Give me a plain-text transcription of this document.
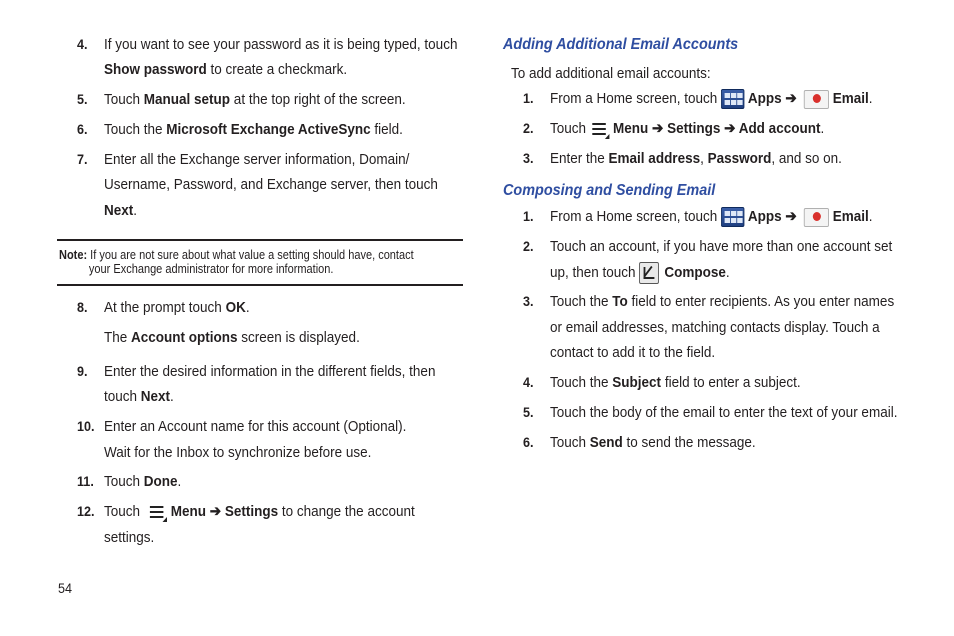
4. If you want to see your password as it is being typed, touch
Show password to create a checkmark.
5. Touch Manual setup at the top right of the screen.
6. Touch the Microsoft Exchange ActiveSync field.
7. Enter all the Exchange server information, Domain/
Username, Password, and Exchange server, then touch
Next.
Note: If you are not sure about what value a setting should have, contact
your Exchange administrator for more information.
8. At the prompt touch OK.
The Account options screen is displayed.
9. Enter the desired information in the different fields, then
touch Next.
10. Enter an Account name for this account (Optional).
Wait for the Inbox to synchronize before use.
11. Touch Done.
12. Touch
Menu ➔ Settings to change the account
settings.
Adding Additional Email Accounts
To add additional email accounts:
1. From a Home screen, touch Apps ➔ Email.
2. Touch Menu ➔ Settings ➔ Add account.
3. Enter the Email address, Password, and so on.
Composing and Sending Email
1. From a Home screen, touch Apps ➔ Email.
2. Touch an account, if you have more than one account set
up, then touch Compose.
3. Touch the To field to enter recipients. As you enter names
or email addresses, matching contacts display. Touch a
contact to add it to the field.
4. Touch the Subject field to enter a subject.
5. Touch the body of the email to enter the text of your email.
6. Touch Send to send the message.
54
